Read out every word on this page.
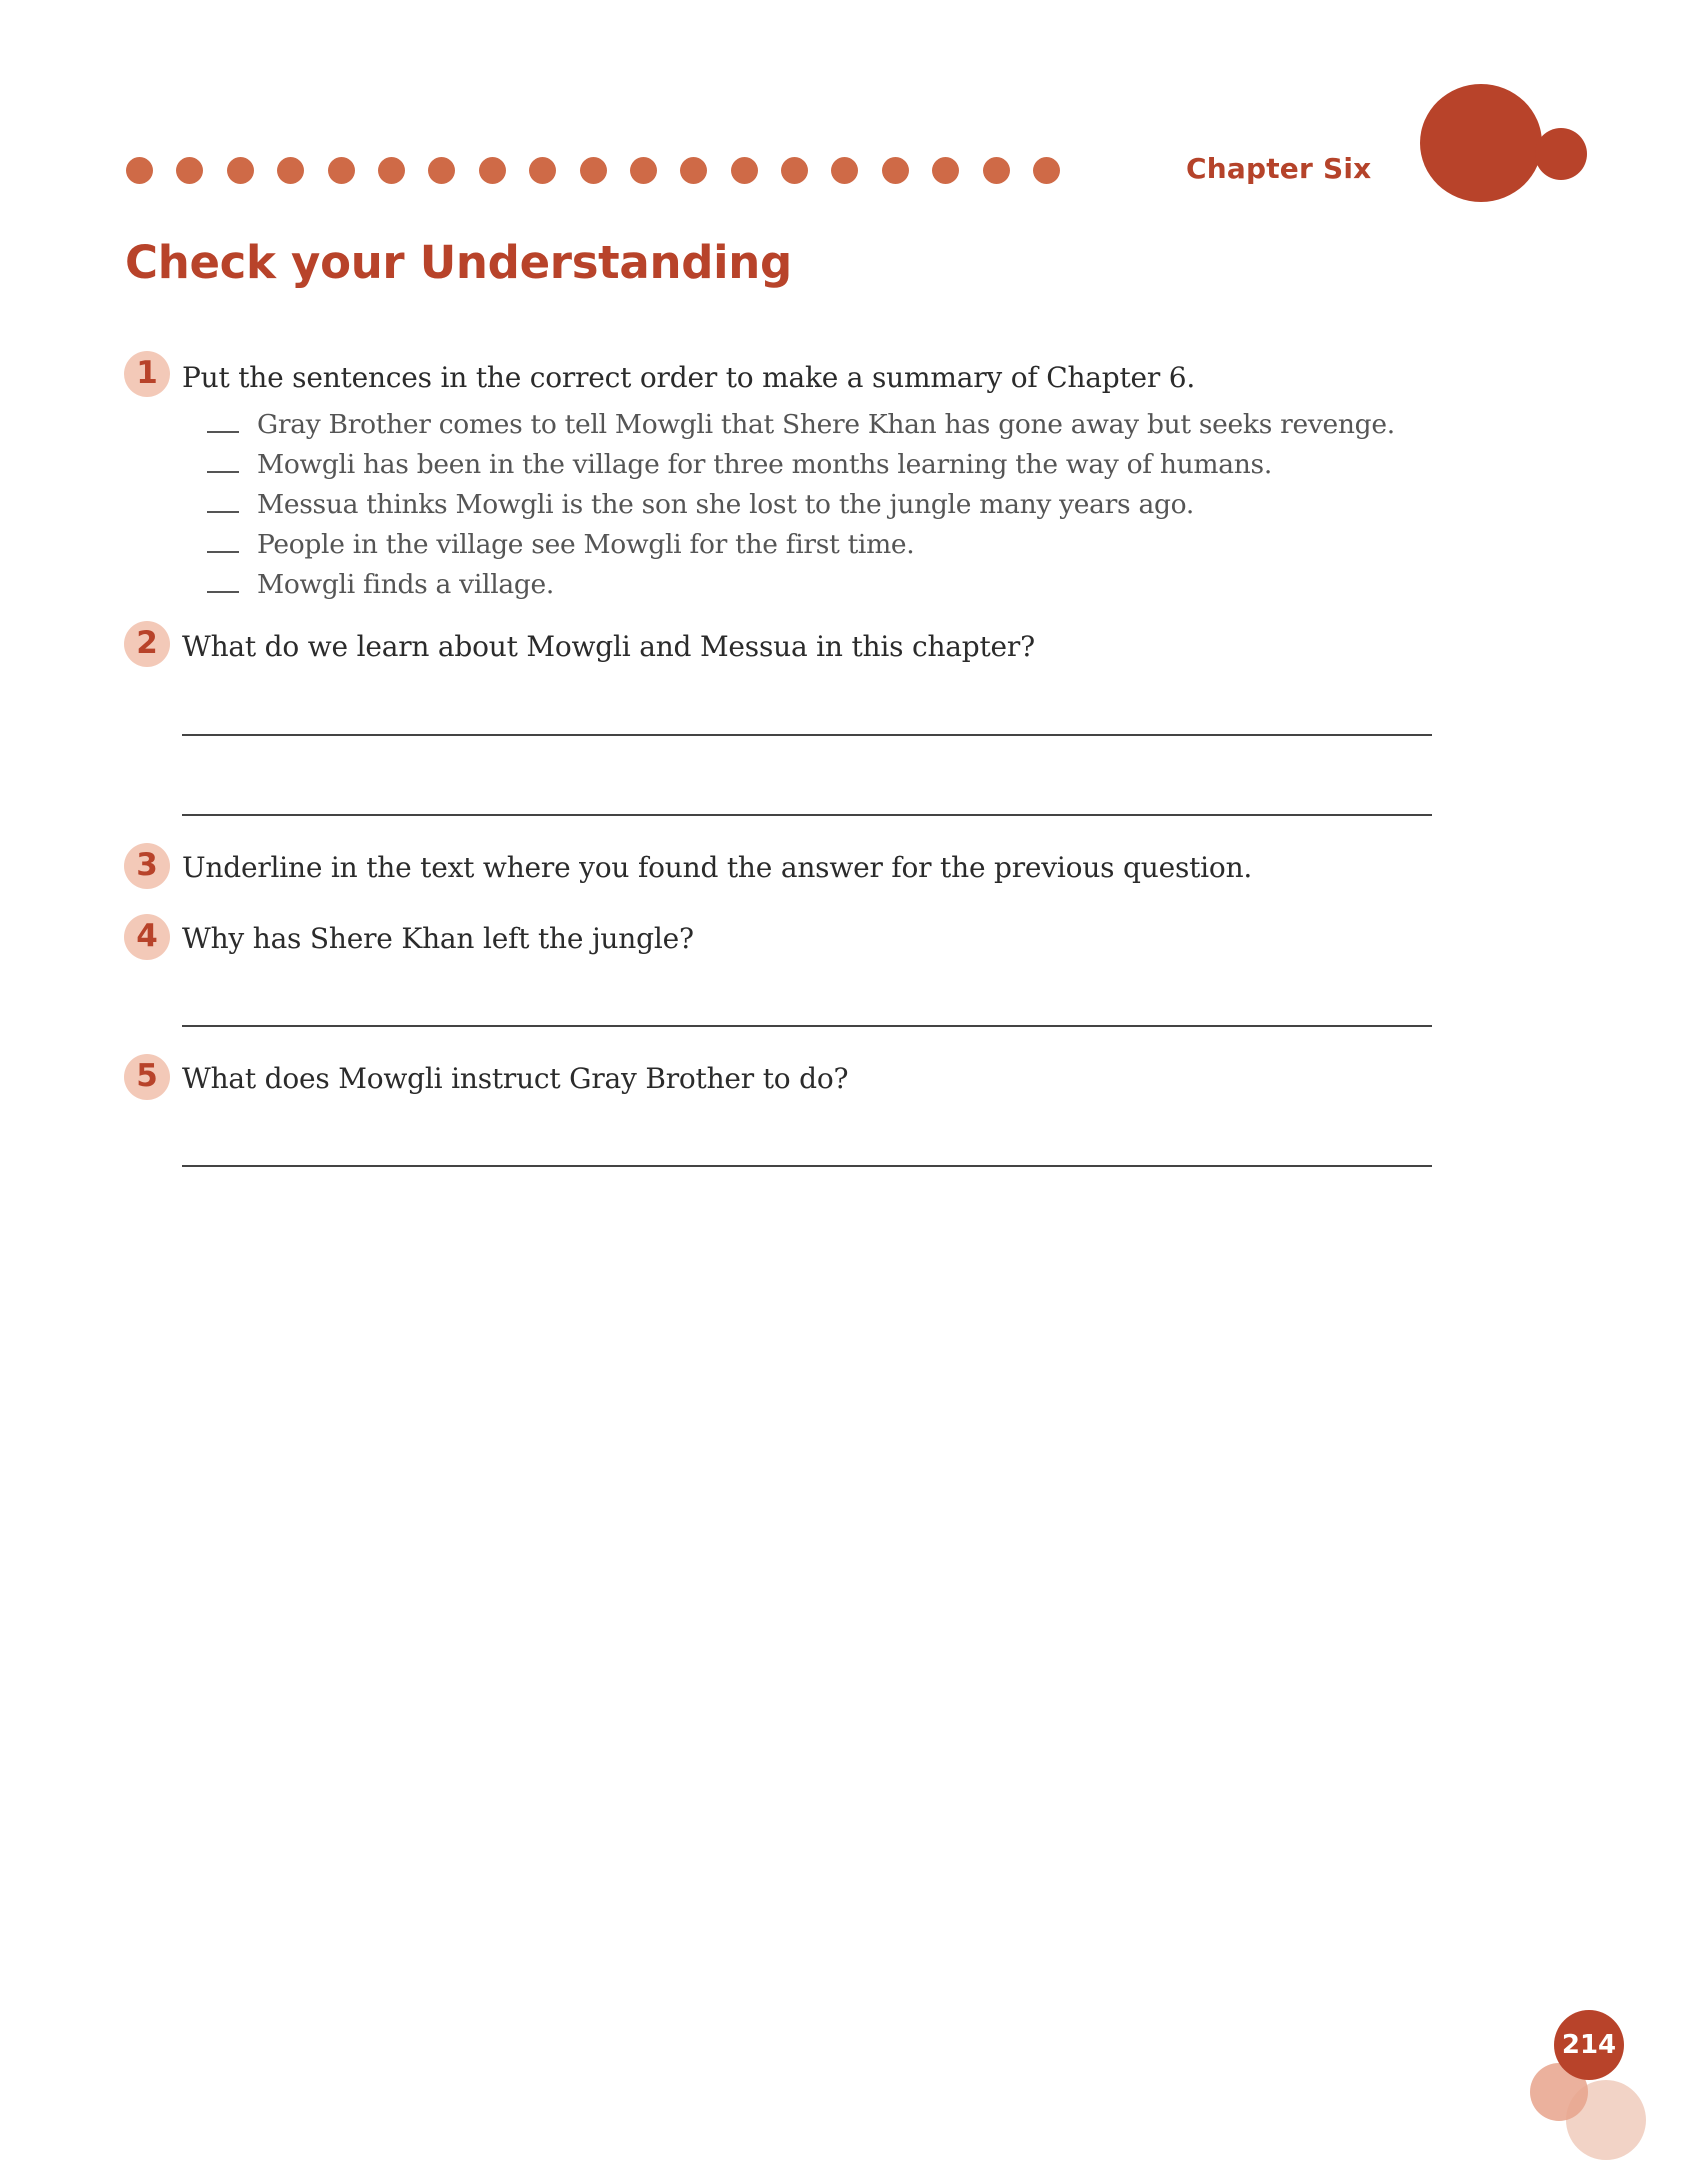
Chapter Six
Check your Understanding
1 Put the sentences in the correct order to make a summary of Chapter 6.
Gray Brother comes to tell Mowgli that Shere Khan has gone away but seeks revenge.
Mowgli has been in the village for three months learning the way of humans.
Messua thinks Mowgli is the son she lost to the jungle many years ago.
People in the village see Mowgli for the first time.
Mowgli finds a village.
2 What do we learn about Mowgli and Messua in this chapter?
3 Underline in the text where you found the answer for the previous question.
4 Why has Shere Khan left the jungle?
5 What does Mowgli instruct Gray Brother to do?
214
